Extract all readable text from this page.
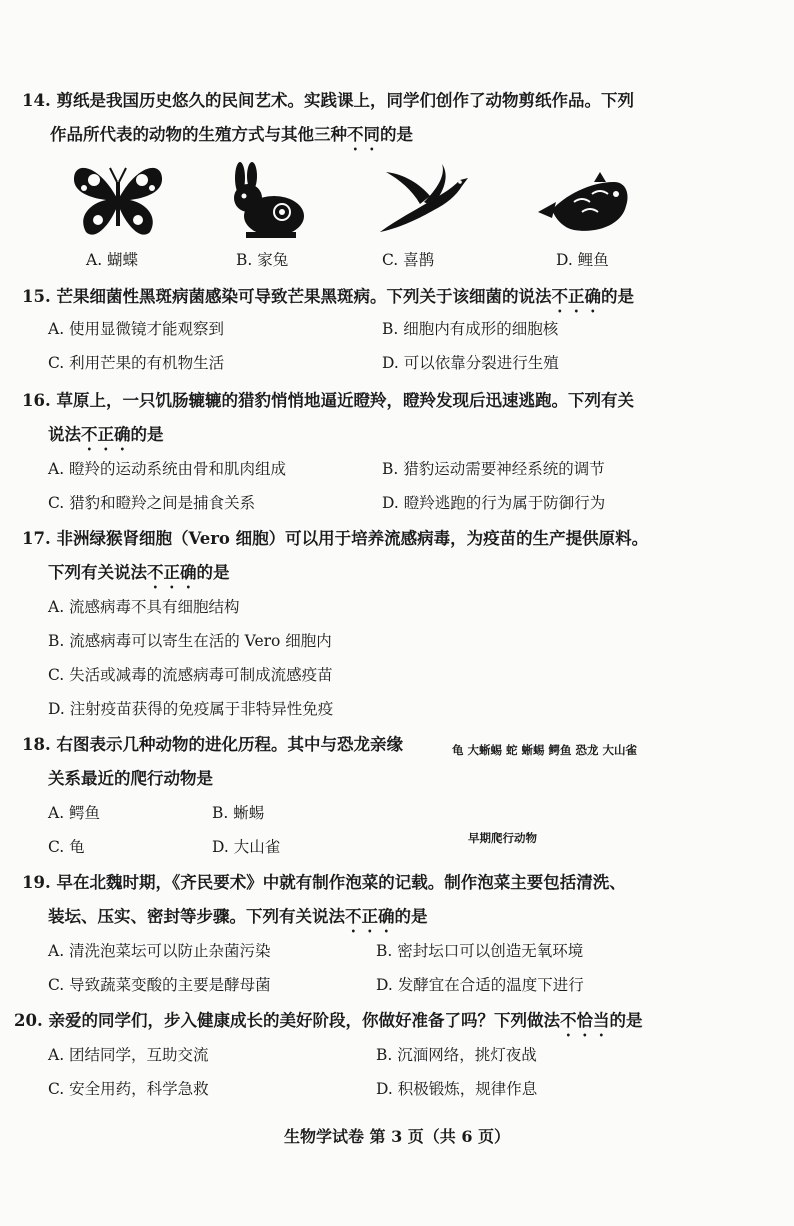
14. 剪纸是我国历史悠久的民间艺术。实践课上，同学们创作了动物剪纸作品。下列
作品所代表的动物的生殖方式与其他三种不同的是
A. 蝴蝶	B. 家兔	C. 喜鹊	D. 鲤鱼
15. 芒果细菌性黑斑病菌感染可导致芒果黑斑病。下列关于该细菌的说法不正确的是
A. 使用显微镜才能观察到	B. 细胞内有成形的细胞核
C. 利用芒果的有机物生活	D. 可以依靠分裂进行生殖
16. 草原上，一只饥肠辘辘的猎豹悄悄地逼近瞪羚，瞪羚发现后迅速逃跑。下列有关
说法不正确的是
A. 瞪羚的运动系统由骨和肌肉组成	B. 猎豹运动需要神经系统的调节
C. 猎豹和瞪羚之间是捕食关系	D. 瞪羚逃跑的行为属于防御行为
17. 非洲绿猴肾细胞（Vero 细胞）可以用于培养流感病毒，为疫苗的生产提供原料。
下列有关说法不正确的是
A. 流感病毒不具有细胞结构
B. 流感病毒可以寄生在活的 Vero 细胞内
C. 失活或减毒的流感病毒可制成流感疫苗
D. 注射疫苗获得的免疫属于非特异性免疫
18. 右图表示几种动物的进化历程。其中与恐龙亲缘
关系最近的爬行动物是
A. 鳄鱼	B. 蜥蜴
C. 龟	D. 大山雀
龟 大蜥蜴 蛇 蜥蜴 鳄鱼 恐龙 大山雀
早期爬行动物
19. 早在北魏时期，《齐民要术》中就有制作泡菜的记载。制作泡菜主要包括清洗、
装坛、压实、密封等步骤。下列有关说法不正确的是
A. 清洗泡菜坛可以防止杂菌污染	B. 密封坛口可以创造无氧环境
C. 导致蔬菜变酸的主要是酵母菌	D. 发酵宜在合适的温度下进行
20. 亲爱的同学们，步入健康成长的美好阶段，你做好准备了吗？下列做法不恰当的是
A. 团结同学，互助交流	B. 沉湎网络，挑灯夜战
C. 安全用药，科学急救	D. 积极锻炼，规律作息
生物学试卷 第 3 页（共 6 页）
